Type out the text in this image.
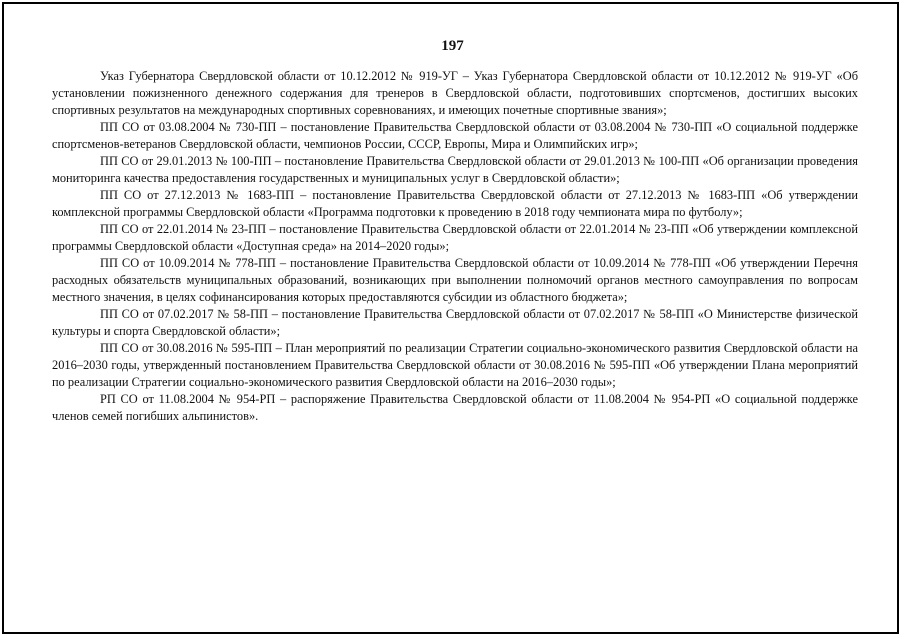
197

Указ Губернатора Свердловской области от 10.12.2012 № 919-УГ – Указ Губернатора Свердловской области от 10.12.2012 № 919-УГ «Об установлении пожизненного денежного содержания для тренеров в Свердловской области, подготовивших спортсменов, достигших высоких спортивных результатов на международных спортивных соревнованиях, и имеющих почетные спортивные звания»;

ПП СО от 03.08.2004 № 730-ПП – постановление Правительства Свердловской области от 03.08.2004 № 730-ПП «О социальной поддержке спортсменов-ветеранов Свердловской области, чемпионов России, СССР, Европы, Мира и Олимпийских игр»;

ПП СО от 29.01.2013 № 100-ПП – постановление Правительства Свердловской области от 29.01.2013 № 100-ПП «Об организации проведения мониторинга качества предоставления государственных и муниципальных услуг в Свердловской области»;

ПП СО от 27.12.2013 № 1683-ПП – постановление Правительства Свердловской области от 27.12.2013 № 1683-ПП «Об утверждении комплексной программы Свердловской области «Программа подготовки к проведению в 2018 году чемпионата мира по футболу»;

ПП СО от 22.01.2014 № 23-ПП – постановление Правительства Свердловской области от 22.01.2014 № 23-ПП «Об утверждении комплексной программы Свердловской области «Доступная среда» на 2014–2020 годы»;

ПП СО от 10.09.2014 № 778-ПП – постановление Правительства Свердловской области от 10.09.2014 № 778-ПП «Об утверждении Перечня расходных обязательств муниципальных образований, возникающих при выполнении полномочий органов местного самоуправления по вопросам местного значения, в целях софинансирования которых предоставляются субсидии из областного бюджета»;

ПП СО от 07.02.2017 № 58-ПП – постановление Правительства Свердловской области от 07.02.2017 № 58-ПП «О Министерстве физической культуры и спорта Свердловской области»;

ПП СО от 30.08.2016 № 595-ПП – План мероприятий по реализации Стратегии социально-экономического развития Свердловской области на 2016–2030 годы, утвержденный постановлением Правительства Свердловской области от 30.08.2016 № 595-ПП «Об утверждении Плана мероприятий по реализации Стратегии социально-экономического развития Свердловской области на 2016–2030 годы»;

РП СО от 11.08.2004 № 954-РП – распоряжение Правительства Свердловской области от 11.08.2004 № 954-РП «О социальной поддержке членов семей погибших альпинистов».
